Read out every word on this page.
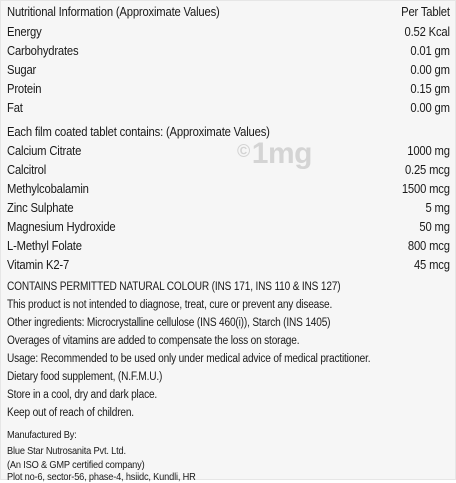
Nutritional Information (Approximate Values)	Per Tablet
Energy	0.52 Kcal
Carbohydrates	0.01 gm
Sugar	0.00 gm
Protein	0.15 gm
Fat	0.00 gm
Each film coated tablet contains: (Approximate Values)
Calcium Citrate	1000 mg
Calcitrol	0.25 mcg
Methylcobalamin	1500 mcg
Zinc Sulphate	5 mg
Magnesium Hydroxide	50 mg
L-Methyl Folate	800 mcg
Vitamin K2-7	45 mcg
CONTAINS PERMITTED NATURAL COLOUR (INS 171, INS 110 & INS 127)
This product is not intended to diagnose, treat, cure or prevent any disease.
Other ingredients: Microcrystalline cellulose (INS 460(i)), Starch (INS 1405)
Overages of vitamins are added to compensate the loss on storage.
Usage: Recommended to be used only under medical advice of medical practitioner.
Dietary food supplement, (N.F.M.U.)
Store in a cool, dry and dark place.
Keep out of reach of children.
Manufactured By:
Blue Star Nutrosanita Pvt. Ltd.
(An ISO & GMP certified company)
Plot no-6, sector-56, phase-4, hsiidc, Kundli, HR
©1mg
